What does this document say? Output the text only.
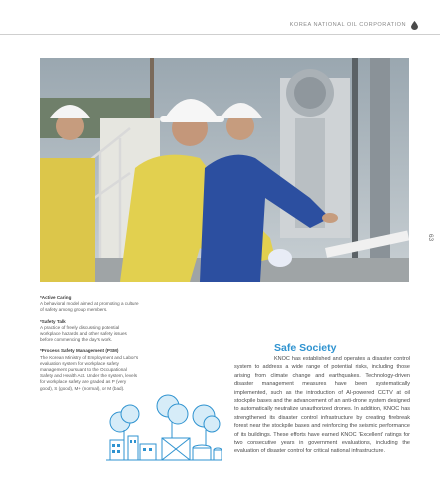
KOREA NATIONAL OIL CORPORATION
63
*Active Caring
A behavioral model aimed at promoting a culture of safety among group members.
*Safety Talk
A practice of freely discussing potential workplace hazards and other safety issues before commencing the day's work.
*Process Safety Management (PSM)
The Korean Ministry of Employment and Labor's evaluation system for workplace safety management pursuant to the Occupational Safety and Health Act. Under the system, levels for workplace safety are graded as P (very good), S (good), M+ (normal), or M (bad).
Safe Society
KNOC has established and operates a disaster control system to address a wide range of potential risks, including those arising from climate change and earthquakes. Technology-driven disaster management measures have been systematically implemented, such as the introduction of AI-powered CCTV at oil stockpile bases and the advancement of an anti-drone system designed to automatically neutralize unauthorized drones. In addition, KNOC has strengthened its disaster control infrastructure by creating firebreak forest near the stockpile bases and reinforcing the seismic performance of its buildings. These efforts have earned KNOC 'Excellent' ratings for two consecutive years in government evaluations, including the evaluation of disaster control for critical national infrastructure.
